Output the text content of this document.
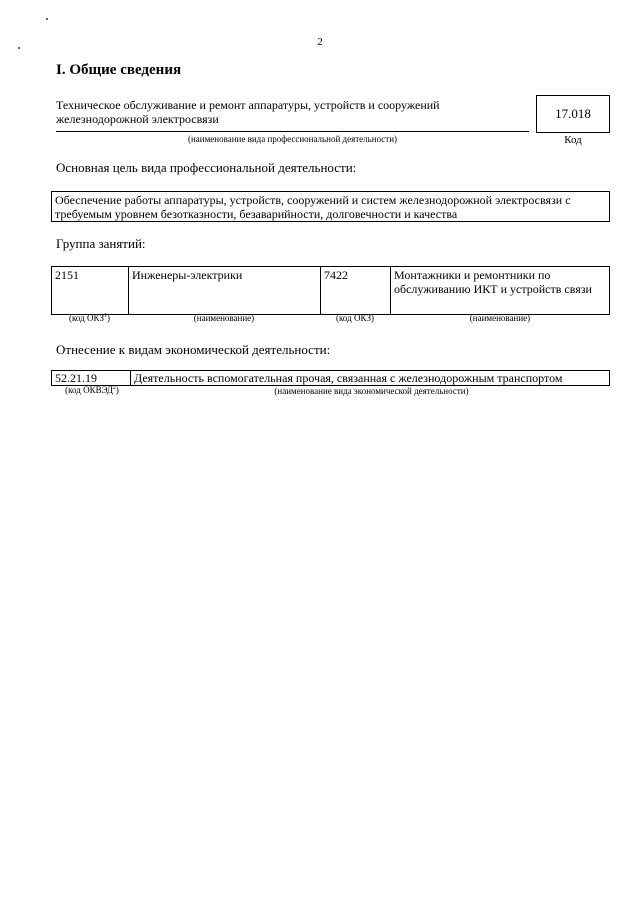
2
I. Общие сведения
Техническое обслуживание и ремонт аппаратуры, устройств и сооружений железнодорожной электросвязи	17.018
(наименование вида профессиональной деятельности)	Код
Основная цель вида профессиональной деятельности:
Обеспечение работы аппаратуры, устройств, сооружений и систем железнодорожной электросвязи с требуемым уровнем безотказности, безаварийности, долговечности и качества
Группа занятий:
2151	Инженеры-электрики	7422	Монтажники и ремонтники по обслуживанию ИКТ и устройств связи
(код ОКЗ$^1$)	(наименование)	(код ОКЗ)	(наименование)
Отнесение к видам экономической деятельности:
52.21.19	Деятельность вспомогательная прочая, связанная с железнодорожным транспортом
(код ОКВЭД$^2$)	(наименование вида экономической деятельности)
